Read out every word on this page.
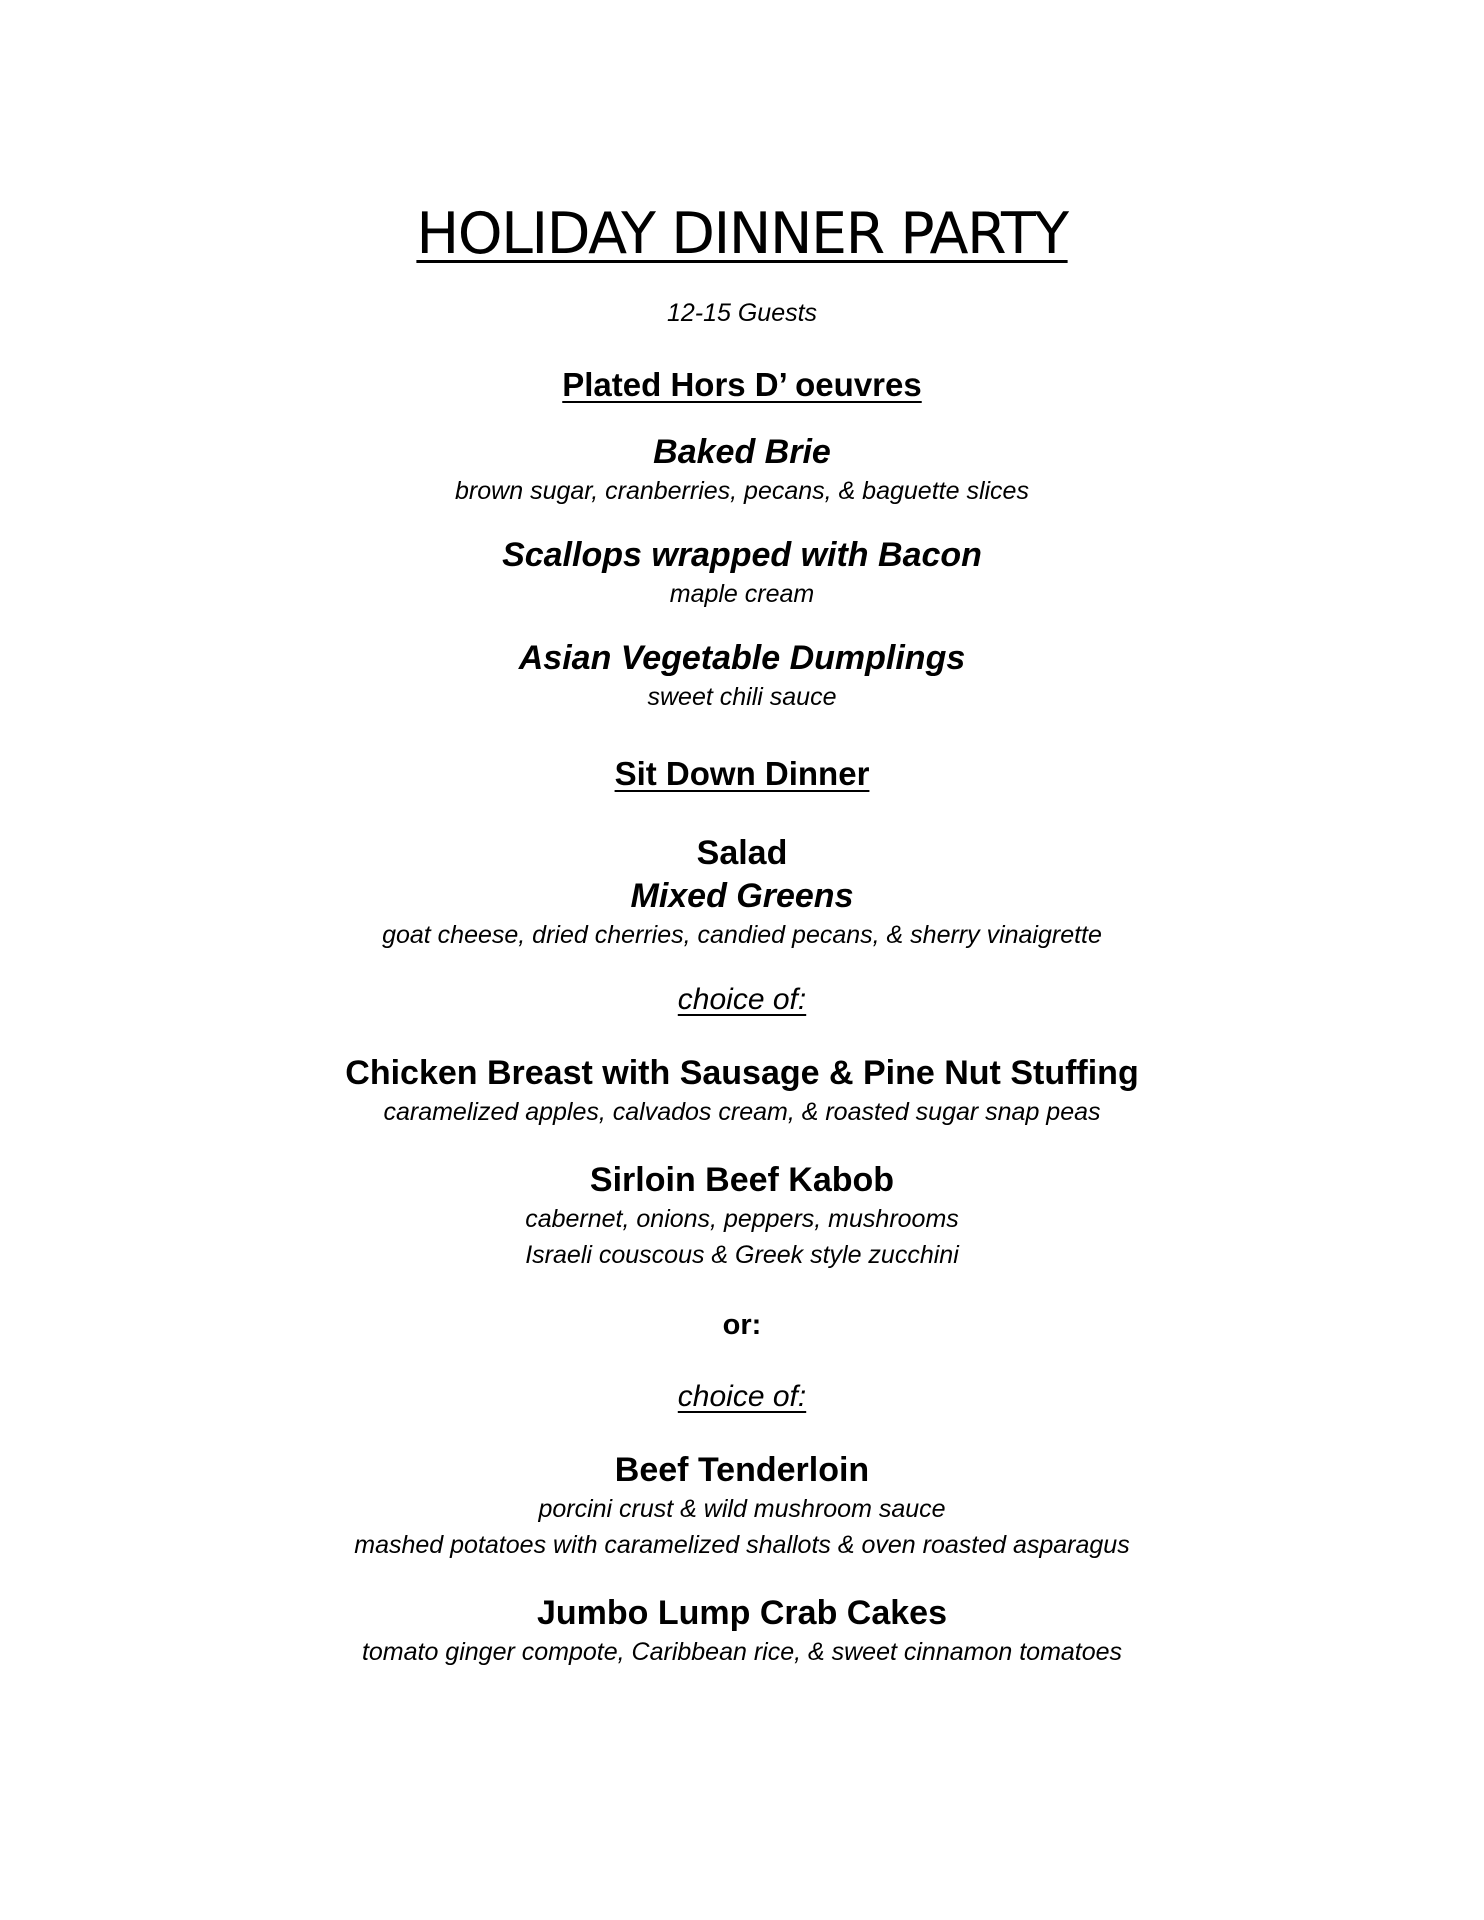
HOLIDAY DINNER PARTY
12-15 Guests
Plated Hors D’ oeuvres
Baked Brie
brown sugar, cranberries, pecans, & baguette slices
Scallops wrapped with Bacon
maple cream
Asian Vegetable Dumplings
sweet chili sauce
Sit Down Dinner
Salad
Mixed Greens
goat cheese, dried cherries, candied pecans, & sherry vinaigrette
choice of:
Chicken Breast with Sausage & Pine Nut Stuffing
caramelized apples, calvados cream, & roasted sugar snap peas
Sirloin Beef Kabob
cabernet, onions, peppers, mushrooms
Israeli couscous & Greek style zucchini
or:
choice of:
Beef Tenderloin
porcini crust & wild mushroom sauce
mashed potatoes with caramelized shallots & oven roasted asparagus
Jumbo Lump Crab Cakes
tomato ginger compote, Caribbean rice, & sweet cinnamon tomatoes
